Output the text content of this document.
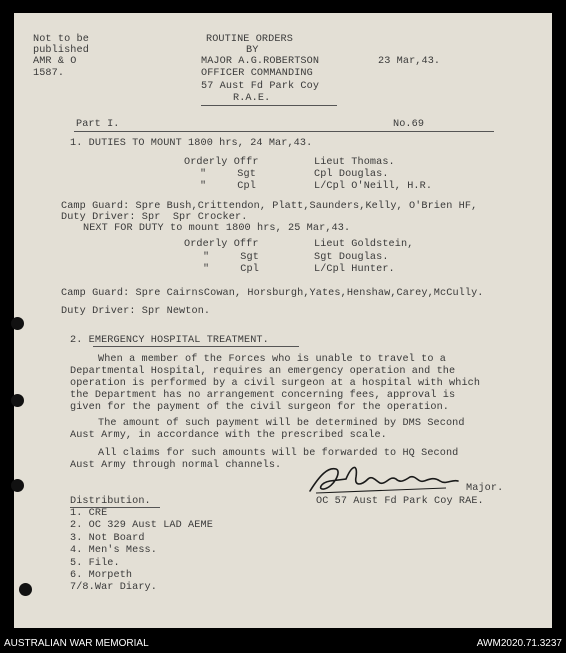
Not to be
published
AMR & O
1587.
ROUTINE ORDERS
BY
MAJOR A.G.ROBERTSON
OFFICER COMMANDING
57 Aust Fd Park Coy
R.A.E.
23 Mar,43.
Part I.	No.69
1. DUTIES TO MOUNT 1800 hrs, 24 Mar,43.
Orderly Offr	Lieut Thomas.
"     Sgt	Cpl Douglas.
"     Cpl	L/Cpl O'Neill, H.R.
Camp Guard: Spre Bush,Crittendon, Platt,Saunders,Kelly, O'Brien HF,
Duty Driver: Spr  Spr Crocker.
NEXT FOR DUTY to mount 1800 hrs, 25 Mar,43.
Orderly Offr	Lieut Goldstein,
"     Sgt	Sgt Douglas.
"     Cpl	L/Cpl Hunter.
Camp Guard: Spre CairnsCowan, Horsburgh,Yates,Henshaw,Carey,McCully.
Duty Driver: Spr Newton.
2. EMERGENCY HOSPITAL TREATMENT.
When a member of the Forces who is unable to travel to a
Departmental Hospital, requires an emergency operation and the
operation is performed by a civil surgeon at a hospital with which
the Department has no arrangement concerning fees, approval is
given for the payment of the civil surgeon for the operation.
The amount of such payment will be determined by DMS Second
Aust Army, in accordance with the prescribed scale.
All claims for such amounts will be forwarded to HQ Second
Aust Army through normal channels.
Major.
OC 57 Aust Fd Park Coy RAE.
Distribution.
1. CRE
2. OC 329 Aust LAD AEME
3. Not Board
4. Men's Mess.
5. File.
6. Morpeth
7/8.War Diary.
AUSTRALIAN WAR MEMORIAL	AWM2020.71.3237
